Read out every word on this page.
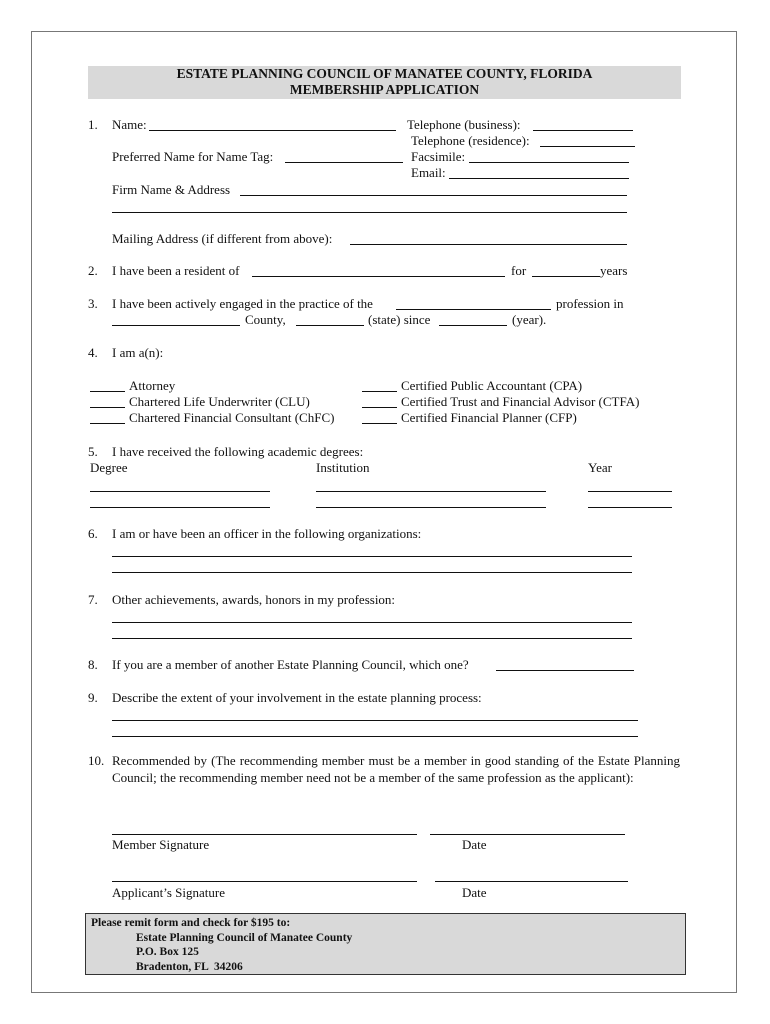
ESTATE PLANNING COUNCIL OF MANATEE COUNTY, FLORIDA
MEMBERSHIP APPLICATION
1. Name:	Telephone (business):
Telephone (residence):
Preferred Name for Name Tag:	Facsimile:
Email:
Firm Name & Address
Mailing Address (if different from above):
2. I have been a resident of	for	years
3. I have been actively engaged in the practice of the	profession in
County,	(state) since	(year).
4. I am a(n):
Attorney
Chartered Life Underwriter (CLU)
Chartered Financial Consultant (ChFC)
Certified Public Accountant (CPA)
Certified Trust and Financial Advisor (CTFA)
Certified Financial Planner (CFP)
5. I have received the following academic degrees:
Degree	Institution	Year
6. I am or have been an officer in the following organizations:
7. Other achievements, awards, honors in my profession:
8. If you are a member of another Estate Planning Council, which one?
9. Describe the extent of your involvement in the estate planning process:
10. Recommended by (The recommending member must be a member in good standing of the Estate Planning Council; the recommending member need not be a member of the same profession as the applicant):
Member Signature	Date
Applicant’s Signature	Date
Please remit form and check for $195 to:
Estate Planning Council of Manatee County
P.O. Box 125
Bradenton, FL  34206
